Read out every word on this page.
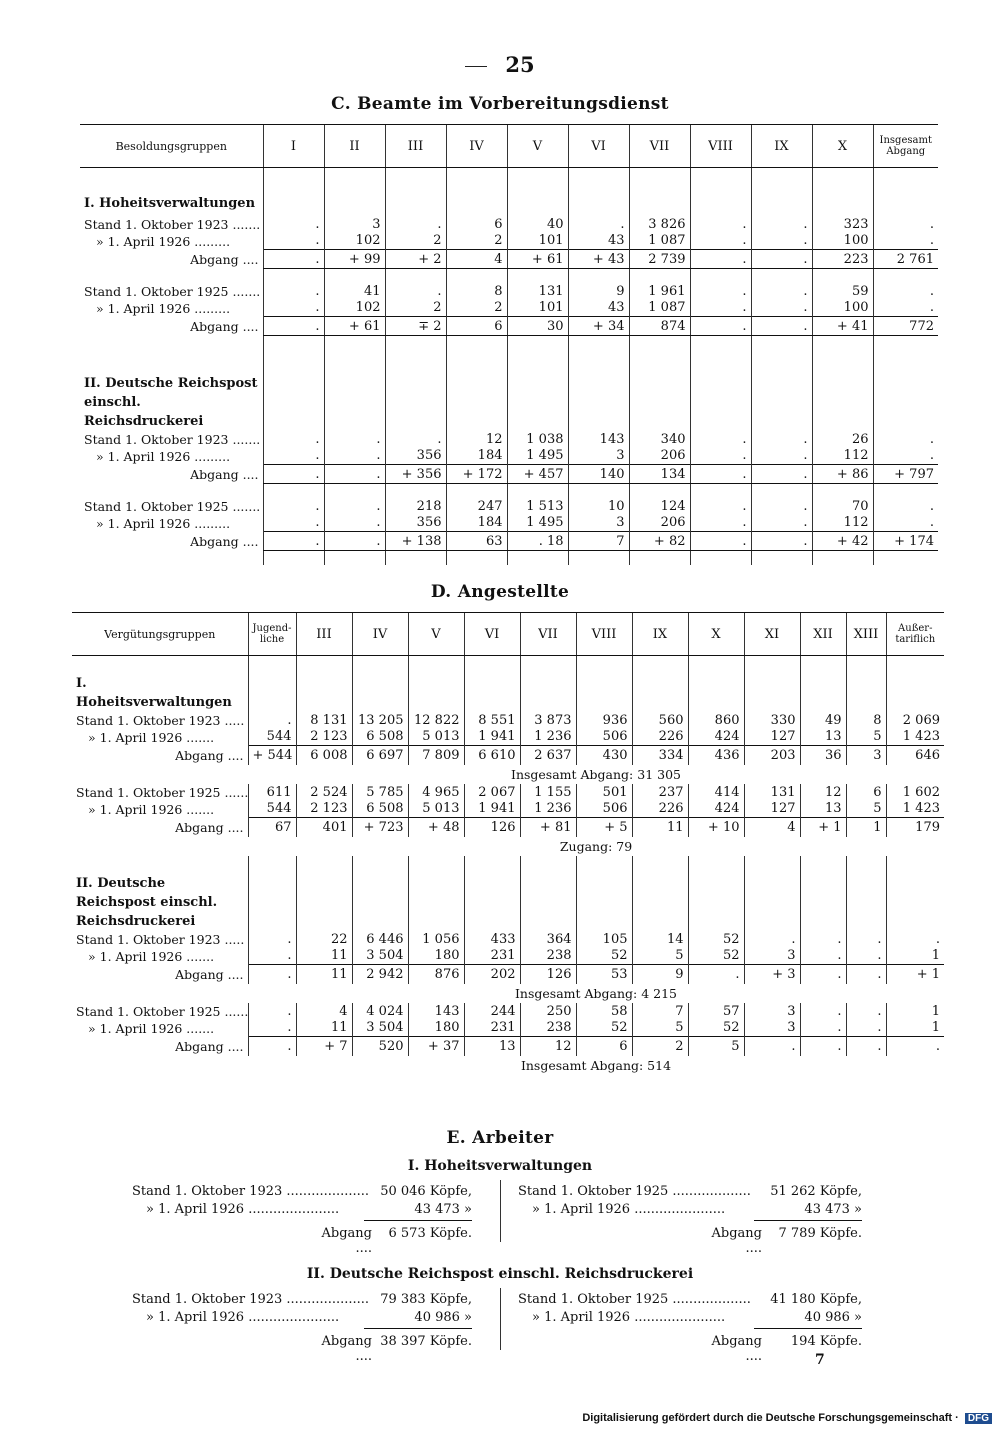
25
C. Beamte im Vorbereitungsdienst
Besoldungsgruppen	I	II	III	IV	V	VI	VII	VIII	IX	X	Insgesamt Abgang

I. Hoheitsverwaltungen											
Stand 1. Oktober 1923 .......	.	3	.	6	40	.	3 826	.	.	323	.
» 1. April 1926 .........	.	102	2	2	101	43	1 087	.	.	100	.
Abgang ....	.	+ 99	+ 2	4	+ 61	+ 43	2 739	.	.	223	2 761

Stand 1. Oktober 1925 .......	.	41	.	8	131	9	1 961	.	.	59	.
» 1. April 1926 .........	.	102	2	2	101	43	1 087	.	.	100	.
Abgang ....	.	+ 61	∓ 2	6	30	+ 34	874	.	.	+ 41	772

II. Deutsche Reichspost einschl. Reichsdruckerei											
Stand 1. Oktober 1923 .......	.	.	.	12	1 038	143	340	.	.	26	.
» 1. April 1926 .........	.	.	356	184	1 495	3	206	.	.	112	.
Abgang ....	.	.	+ 356	+ 172	+ 457	140	134	.	.	+ 86	+ 797

Stand 1. Oktober 1925 .......	.	.	218	247	1 513	10	124	.	.	70	.
» 1. April 1926 .........	.	.	356	184	1 495	3	206	.	.	112	.
Abgang ....	.	.	+ 138	63	. 18	7	+ 82	.	.	+ 42	+ 174

D. Angestellte
Vergütungsgruppen	Jugend-liche	III	IV	V	VI	VII	VIII	IX	X	XI	XII	XIII	Außer-tariflich

I. Hoheitsverwaltungen													
Stand 1. Oktober 1923 .....	.	8 131	13 205	12 822	8 551	3 873	936	560	860	330	49	8	2 069
» 1. April 1926 .......	544	2 123	6 508	5 013	1 941	1 236	506	226	424	127	13	5	1 423
Abgang ....	+ 544	6 008	6 697	7 809	6 610	2 637	430	334	436	203	36	3	646
	Insgesamt Abgang: 31 305												
Stand 1. Oktober 1925 ......	611	2 524	5 785	4 965	2 067	1 155	501	237	414	131	12	6	1 602
» 1. April 1926 .......	544	2 123	6 508	5 013	1 941	1 236	506	226	424	127	13	5	1 423
Abgang ....	67	401	+ 723	+ 48	126	+ 81	+ 5	11	+ 10	4	+ 1	1	179
	Zugang: 79												

II. Deutsche Reichspost einschl. Reichsdruckerei													
Stand 1. Oktober 1923 .....	.	22	6 446	1 056	433	364	105	14	52	.	.	.	.
» 1. April 1926 .......	.	11	3 504	180	231	238	52	5	52	3	.	.	1
Abgang ....	.	11	2 942	876	202	126	53	9	.	+ 3	.	.	+ 1
	Insgesamt Abgang: 4 215												
Stand 1. Oktober 1925 ......	.	4	4 024	143	244	250	58	7	57	3	.	.	1
» 1. April 1926 .......	.	11	3 504	180	231	238	52	5	52	3	.	.	1
Abgang ....	.	+ 7	520	+ 37	13	12	6	2	5	.	.	.	.
	Insgesamt Abgang: 514												
E. Arbeiter
I. Hoheitsverwaltungen
Stand 1. Oktober 1923 .................... 50 046 Köpfe,
» 1. April 1926 ......................	43 473 »
Abgang ....
6 573 Köpfe.
Stand 1. Oktober 1925 ...................	51 262 Köpfe,
» 1. April 1926 ......................	43 473 »
Abgang ....
7 789 Köpfe.
II. Deutsche Reichspost einschl. Reichsdruckerei
Stand 1. Oktober 1923 .................... 79 383 Köpfe,
» 1. April 1926 ......................	40 986 »
Abgang ....
38 397 Köpfe.
Stand 1. Oktober 1925 ...................	41 180 Köpfe,
» 1. April 1926 ......................	40 986 »
Abgang ....
194 Köpfe.
7
Digitalisierung gefördert durch die Deutsche Forschungsgemeinschaft · DFG
